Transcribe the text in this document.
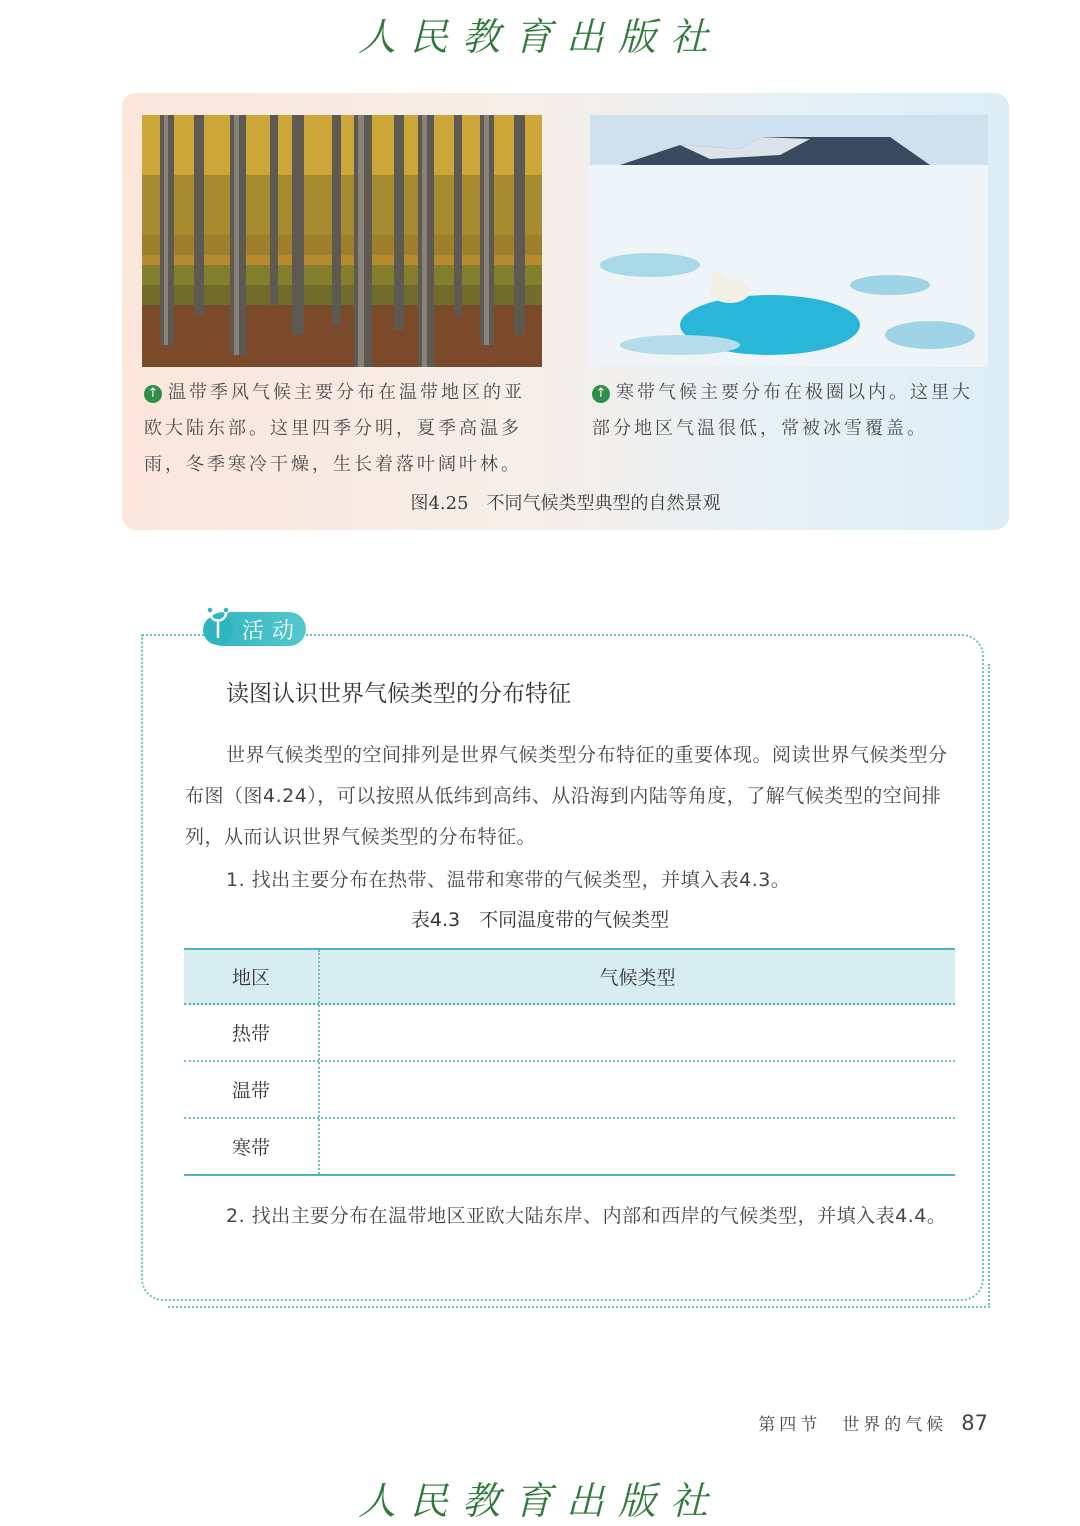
人民教育出版社
↑ 温带季风气候主要分布在温带地区的亚欧大陆东部。这里四季分明，夏季高温多雨，冬季寒冷干燥，生长着落叶阔叶林。
↑ 寒带气候主要分布在极圈以内。这里大部分地区气温很低，常被冰雪覆盖。
图4.25　不同气候类型典型的自然景观
活动
读图认识世界气候类型的分布特征
世界气候类型的空间排列是世界气候类型分布特征的重要体现。阅读世界气候类型分布图（图4.24），可以按照从低纬到高纬、从沿海到内陆等角度，了解气候类型的空间排列，从而认识世界气候类型的分布特征。
1. 找出主要分布在热带、温带和寒带的气候类型，并填入表4.3。
表4.3　不同温度带的气候类型
地区	气候类型
热带
温带
寒带
2. 找出主要分布在温带地区亚欧大陆东岸、内部和西岸的气候类型，并填入表4.4。
第四节　世界的气候 87
人民教育出版社
